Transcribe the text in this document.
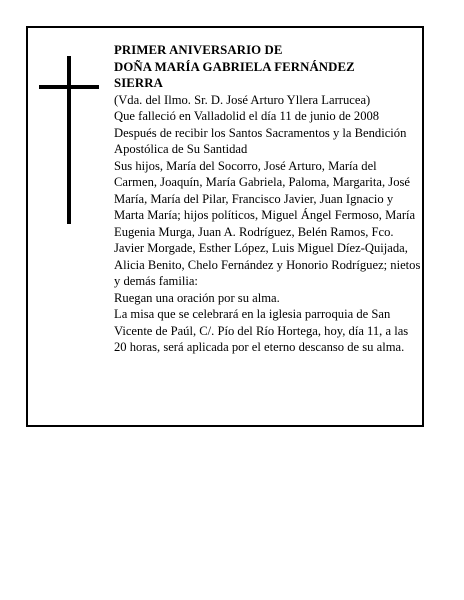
PRIMER ANIVERSARIO DE
DOÑA MARÍA GABRIELA FERNÁNDEZ
SIERRA

(Vda. del Ilmo. Sr. D. José Arturo Yllera Larrucea)

Que falleció en Valladolid el día 11 de junio de 2008

Después de recibir los Santos Sacramentos y la Bendición Apostólica de Su Santidad

Sus hijos, María del Socorro, José Arturo, María del Carmen, Joaquín, María Gabriela, Paloma, Margarita, José María, María del Pilar, Francisco Javier, Juan Ignacio y Marta María; hijos políticos, Miguel Ángel Fermoso, María Eugenia Murga, Juan A. Rodríguez, Belén Ramos, Fco. Javier Morgade, Esther López, Luis Miguel Díez-Quijada, Alicia Benito, Chelo Fernández y Honorio Rodríguez; nietos y demás familia:

Ruegan una oración por su alma.

La misa que se celebrará en la iglesia parroquia de San Vicente de Paúl, C/. Pío del Río Hortega, hoy, día 11, a las 20 horas, será aplicada por el eterno descanso de su alma.
